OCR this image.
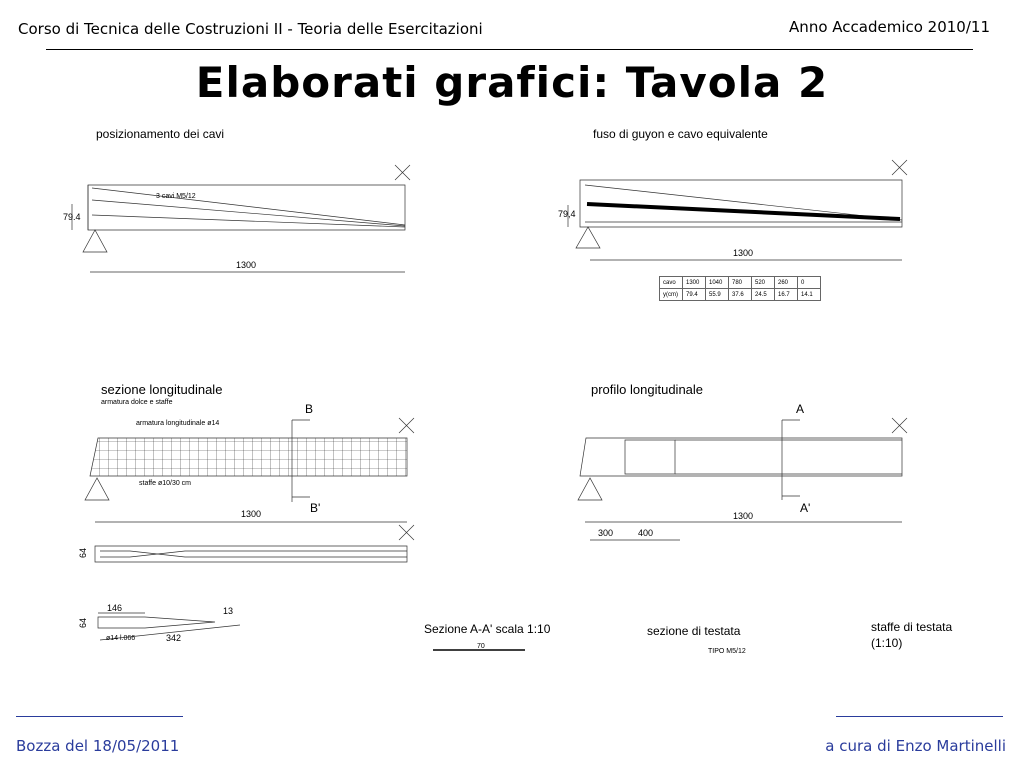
Corso di Tecnica delle Costruzioni II - Teoria delle Esercitazioni	Anno Accademico 2010/11
Elaborati grafici: Tavola 2
posizionamento dei cavi
3 cavi M5/12
79.4
1300
fuso di guyon e cavo equivalente
79,4
1300
cavo	1300	1040	780	520	260	0
y(cm)	79.4	55.9	37.6	24.5	16.7	14.1
sezione longitudinale
armatura dolce e staffe
armatura longitudinale ø14
staffe ø10/30 cm
B
B'
1300
64
146	13
342
64
ø14 l.066
profilo longitudinale
A
A'
1300
300	400
Sezione A-A' scala 1:10
70
sezione di testata
TIPO M5/12
staffe di testata
(1:10)
Bozza del 18/05/2011	a cura di Enzo Martinelli
